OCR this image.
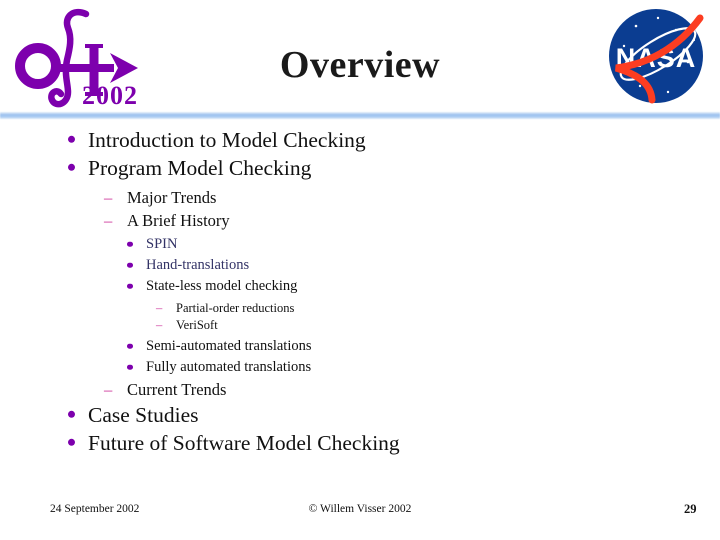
2002
Overview	NASA
Introduction to Model Checking
Program Model Checking
– Major Trends
– A Brief History
SPIN
Hand-translations
State-less model checking
– Partial-order reductions
– VeriSoft
Semi-automated translations
Fully automated translations
– Current Trends
Case Studies
Future of Software Model Checking
24 September 2002	© Willem Visser 2002	29
